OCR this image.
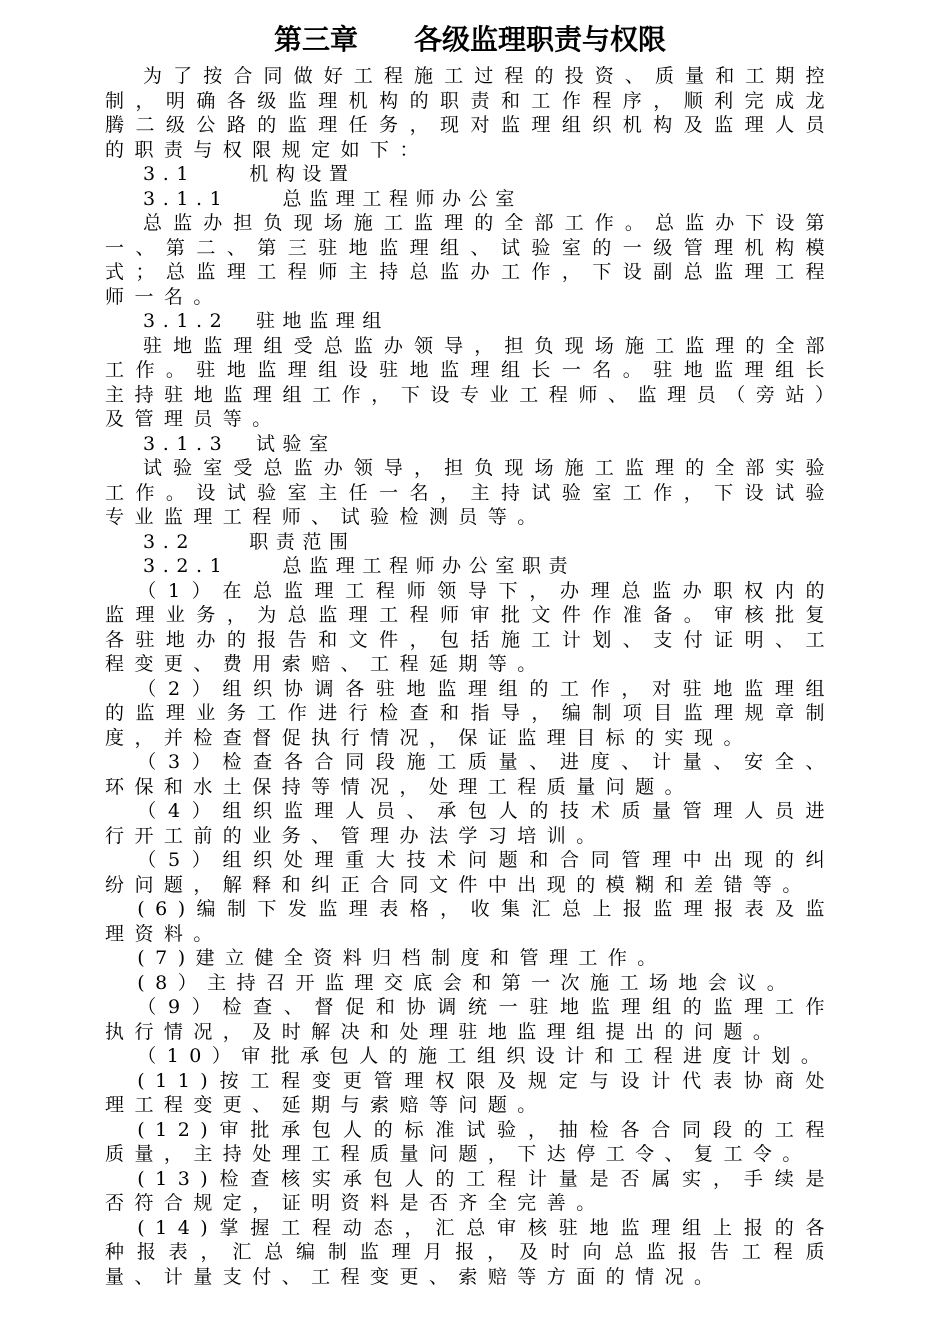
第三章　　各级监理职责与权限

为了按合同做好工程施工过程的投资、质量和工期控制，明确各级监理机构的职责和工作程序，顺利完成龙腾二级公路的监理任务，现对监理组织机构及监理人员的职责与权限规定如下：

3.1　　机构设置

3.1.1　　总监理工程师办公室

总监办担负现场施工监理的全部工作。总监办下设第一、第二、第三驻地监理组、试验室的一级管理机构模式；总监理工程师主持总监办工作，下设副总监理工程师一名。

3.1.2　驻地监理组

驻地监理组受总监办领导，担负现场施工监理的全部工作。驻地监理组设驻地监理组长一名。驻地监理组长主持驻地监理组工作，下设专业工程师、监理员（旁站）及管理员等。

3.1.3　试验室

试验室受总监办领导，担负现场施工监理的全部实验工作。设试验室主任一名，主持试验室工作，下设试验专业监理工程师、试验检测员等。

3.2　　职责范围

3.2.1　　总监理工程师办公室职责

（1）在总监理工程师领导下，办理总监办职权内的监理业务，为总监理工程师审批文件作准备。审核批复各驻地办的报告和文件，包括施工计划、支付证明、工程变更、费用索赔、工程延期等。

（2）组织协调各驻地监理组的工作，对驻地监理组的监理业务工作进行检查和指导，编制项目监理规章制度，并检查督促执行情况，保证监理目标的实现。

（3）检查各合同段施工质量、进度、计量、安全、环保和水土保持等情况，处理工程质量问题。

（4）组织监理人员、承包人的技术质量管理人员进行开工前的业务、管理办法学习培训。

（5）组织处理重大技术问题和合同管理中出现的纠纷问题，解释和纠正合同文件中出现的模糊和差错等。

(6)编制下发监理表格，收集汇总上报监理报表及监理资料。

(7)建立健全资料归档制度和管理工作。

(8）主持召开监理交底会和第一次施工场地会议。

（9）检查、督促和协调统一驻地监理组的监理工作执行情况，及时解决和处理驻地监理组提出的问题。

（10）审批承包人的施工组织设计和工程进度计划。

(11)按工程变更管理权限及规定与设计代表协商处理工程变更、延期与索赔等问题。

(12)审批承包人的标准试验，抽检各合同段的工程质量，主持处理工程质量问题，下达停工令、复工令。

(13)检查核实承包人的工程计量是否属实，手续是否符合规定，证明资料是否齐全完善。

(14)掌握工程动态，汇总审核驻地监理组上报的各种报表，汇总编制监理月报，及时向总监报告工程质量、计量支付、工程变更、索赔等方面的情况。
